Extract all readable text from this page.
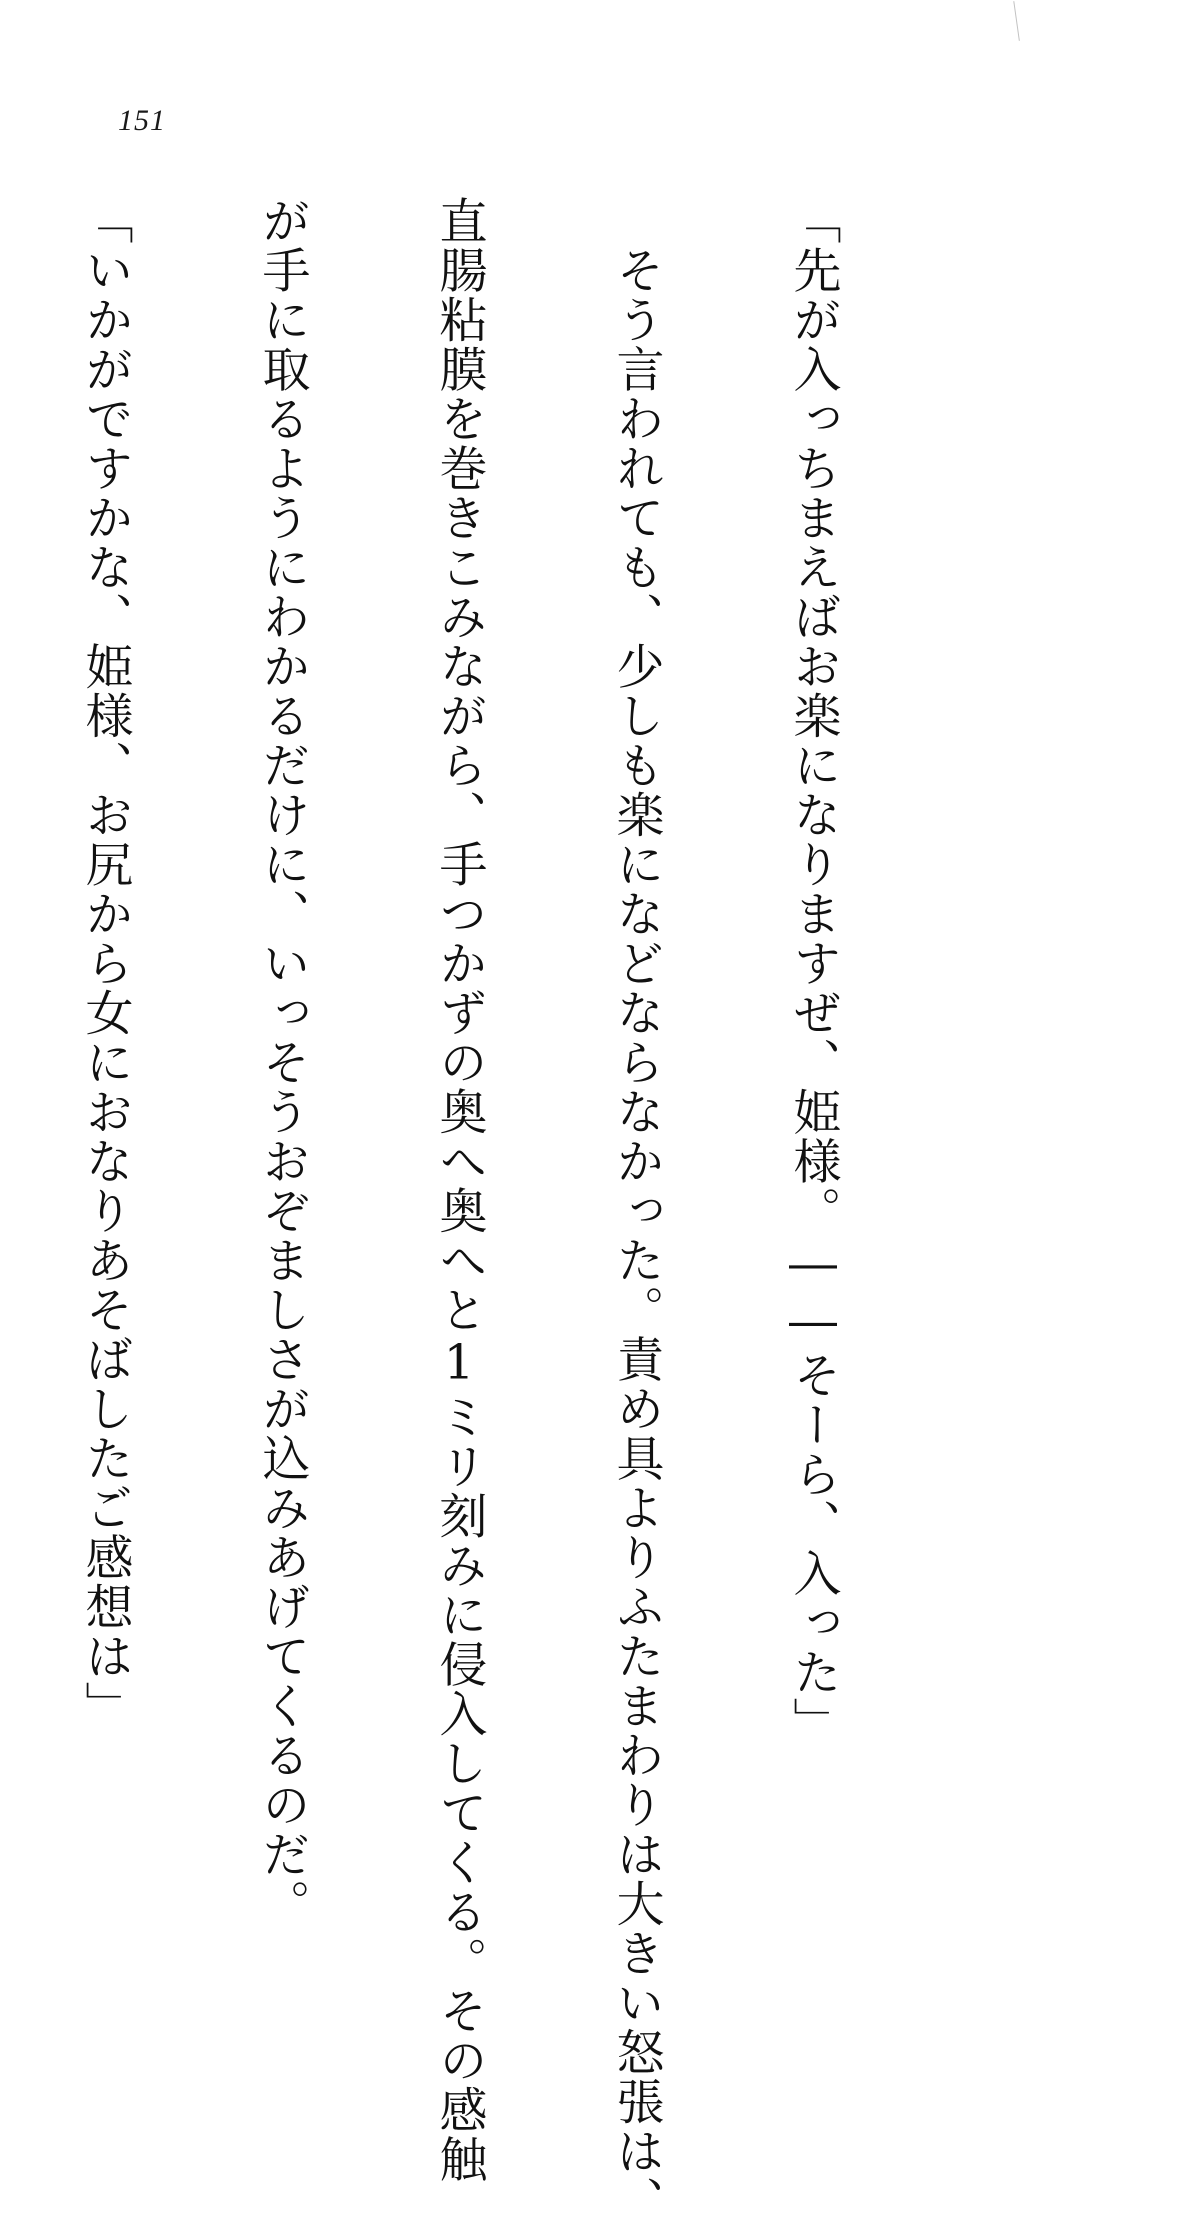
151

「先が入っちまえばお楽になりますぜ、姫様。――そーら、入った」

　そう言われても、少しも楽になどならなかった。責め具よりふたまわりは大きい怒張は、

直腸粘膜を巻きこみながら、手つかずの奥へ奥へと1ミリ刻みに侵入してくる。その感触

が手に取るようにわかるだけに、いっそうおぞましさが込みあげてくるのだ。

「いかがですかな、姫様、お尻から女におなりあそばしたご感想は」
